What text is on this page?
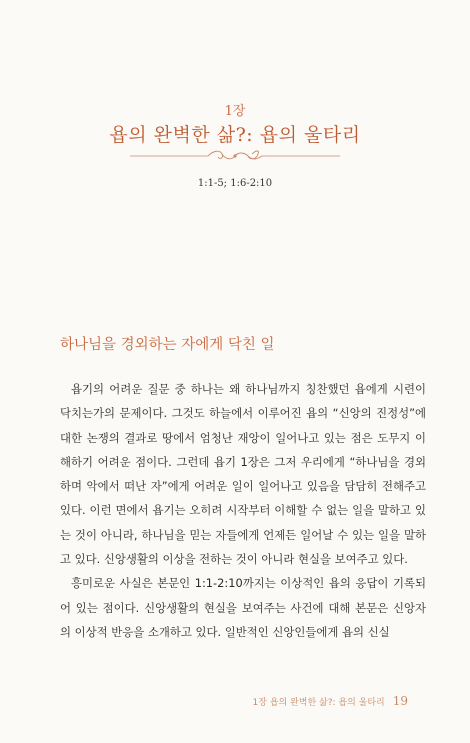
1장
욥의 완벽한 삶?: 욥의 울타리
1:1-5; 1:6-2:10
하나님을 경외하는 자에게 닥친 일

욥기의 어려운 질문 중 하나는 왜 하나님까지 칭찬했던 욥에게 시련이 닥치는가의 문제이다. 그것도 하늘에서 이루어진 욥의 “신앙의 진정성”에 대한 논쟁의 결과로 땅에서 엄청난 재앙이 일어나고 있는 점은 도무지 이해하기 어려운 점이다. 그런데 욥기 1장은 그저 우리에게 “하나님을 경외하며 악에서 떠난 자”에게 어려운 일이 일어나고 있음을 담담히 전해주고 있다. 이런 면에서 욥기는 오히려 시작부터 이해할 수 없는 일을 말하고 있는 것이 아니라, 하나님을 믿는 자들에게 언제든 일어날 수 있는 일을 말하고 있다. 신앙생활의 이상을 전하는 것이 아니라 현실을 보여주고 있다.

흥미로운 사실은 본문인 1:1-2:10까지는 이상적인 욥의 응답이 기록되어 있는 점이다. 신앙생활의 현실을 보여주는 사건에 대해 본문은 신앙자의 이상적 반응을 소개하고 있다. 일반적인 신앙인들에게 욥의 신실

1장 욥의 완벽한 삶?: 욥의 울타리 19
